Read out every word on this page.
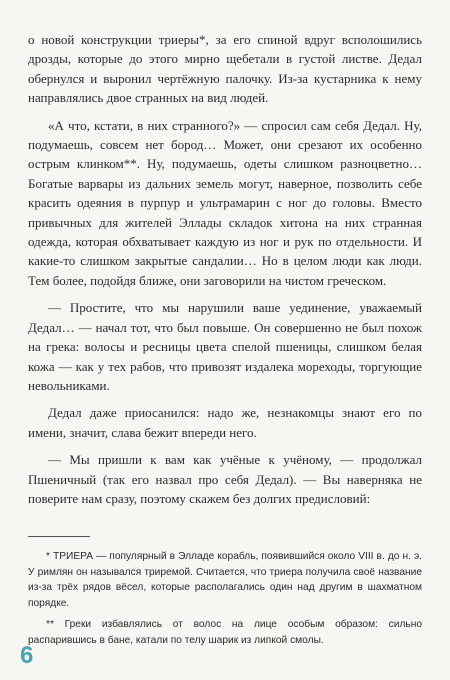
о новой конструкции триеры*, за его спиной вдруг всполошились дрозды, которые до этого мирно щебетали в густой листве. Дедал обернулся и выронил чертёжную палочку. Из-за кустарника к нему направлялись двое странных на вид людей.

«А что, кстати, в них странного?» — спросил сам себя Дедал. Ну, подумаешь, совсем нет бород… Может, они срезают их особенно острым клинком**. Ну, подумаешь, одеты слишком разноцветно… Богатые варвары из дальних земель могут, наверное, позволить себе красить одеяния в пурпур и ультрамарин с ног до головы. Вместо привычных для жителей Эллады складок хитона на них странная одежда, которая обхватывает каждую из ног и рук по отдельности. И какие-то слишком закрытые сандалии… Но в целом люди как люди. Тем более, подойдя ближе, они заговорили на чистом греческом.

— Простите, что мы нарушили ваше уединение, уважаемый Дедал… — начал тот, что был повыше. Он совершенно не был похож на грека: волосы и ресницы цвета спелой пшеницы, слишком белая кожа — как у тех рабов, что привозят издалека мореходы, торгующие невольниками.

Дедал даже приосанился: надо же, незнакомцы знают его по имени, значит, слава бежит впереди него.

— Мы пришли к вам как учёные к учёному, — продолжал Пшеничный (так его назвал про себя Дедал). — Вы наверняка не поверите нам сразу, поэтому скажем без долгих предисловий:

* ТРИЕРА — популярный в Элладе корабль, появившийся около VIII в. до н. э. У римлян он назывался триремой. Считается, что триера получила своё название из-за трёх рядов вёсел, которые располагались один над другим в шахматном порядке.

** Греки избавлялись от волос на лице особым образом: сильно распарившись в бане, катали по телу шарик из липкой смолы.

6
